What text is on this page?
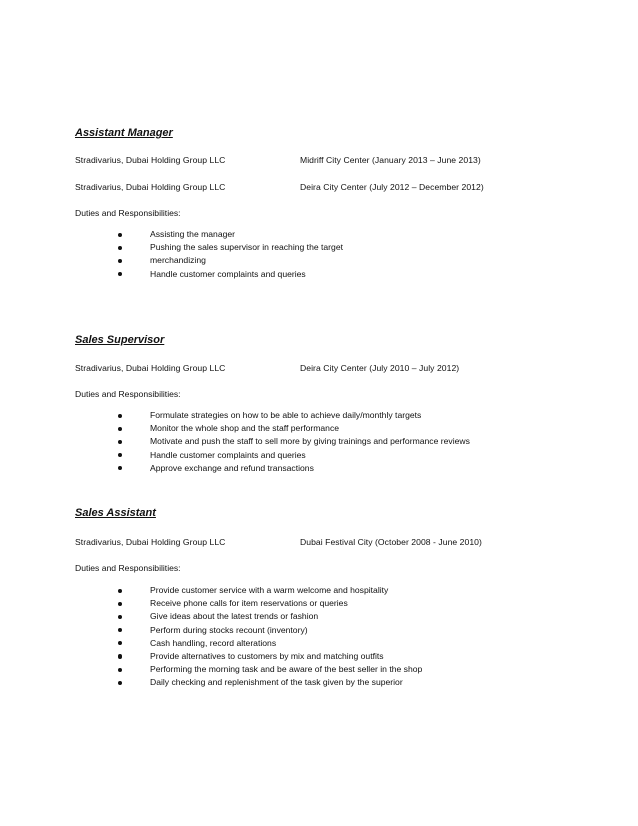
Assistant Manager

Stradivarius, Dubai Holding Group LLC	Midriff City Center (January 2013 – June 2013)
Stradivarius, Dubai Holding Group LLC	Deira City Center (July 2012 – December 2012)
Duties and Responsibilities:
Assisting the manager
Pushing the sales supervisor in reaching the target
merchandizing
Handle customer complaints and queries

Sales Supervisor

Stradivarius, Dubai Holding Group LLC	Deira City Center (July 2010 – July 2012)
Duties and Responsibilities:
Formulate strategies on how to be able to achieve daily/monthly targets
Monitor the whole shop and the staff performance
Motivate and push the staff to sell more by giving trainings and performance reviews
Handle customer complaints and queries
Approve exchange and refund transactions

Sales Assistant

Stradivarius, Dubai Holding Group LLC	Dubai Festival City (October 2008 - June 2010)
Duties and Responsibilities:
Provide customer service with a warm welcome and hospitality
Receive phone calls for item reservations or queries
Give ideas about the latest trends or fashion
Perform during stocks recount (inventory)
Cash handling, record alterations
Provide alternatives to customers by mix and matching outfits
Performing the morning task and be aware of the best seller in the shop
Daily checking and replenishment of the task given by the superior
